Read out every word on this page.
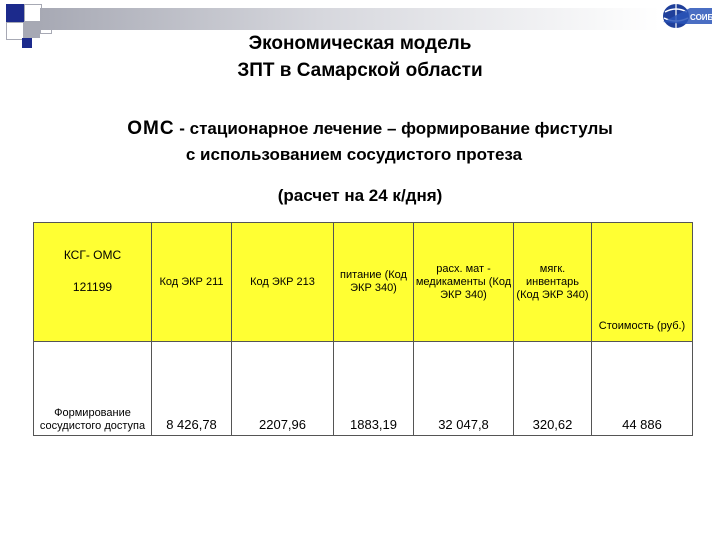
СОИБ
Экономическая модель
ЗПТ в Самарской области
ОМС - стационарное лечение – формирование фистулы
с использованием сосудистого протеза
(расчет на 24 к/дня)
КСГ- ОМС
121199	Код ЭКР 211	Код ЭКР 213	питание (Код ЭКР 340)	расх. мат - медикаменты (Код ЭКР 340)	мягк. инвентарь (Код ЭКР 340)	Стоимость (руб.)
Формирование сосудистого доступа	8 426,78	2207,96	1883,19	32 047,8	320,62	44 886
